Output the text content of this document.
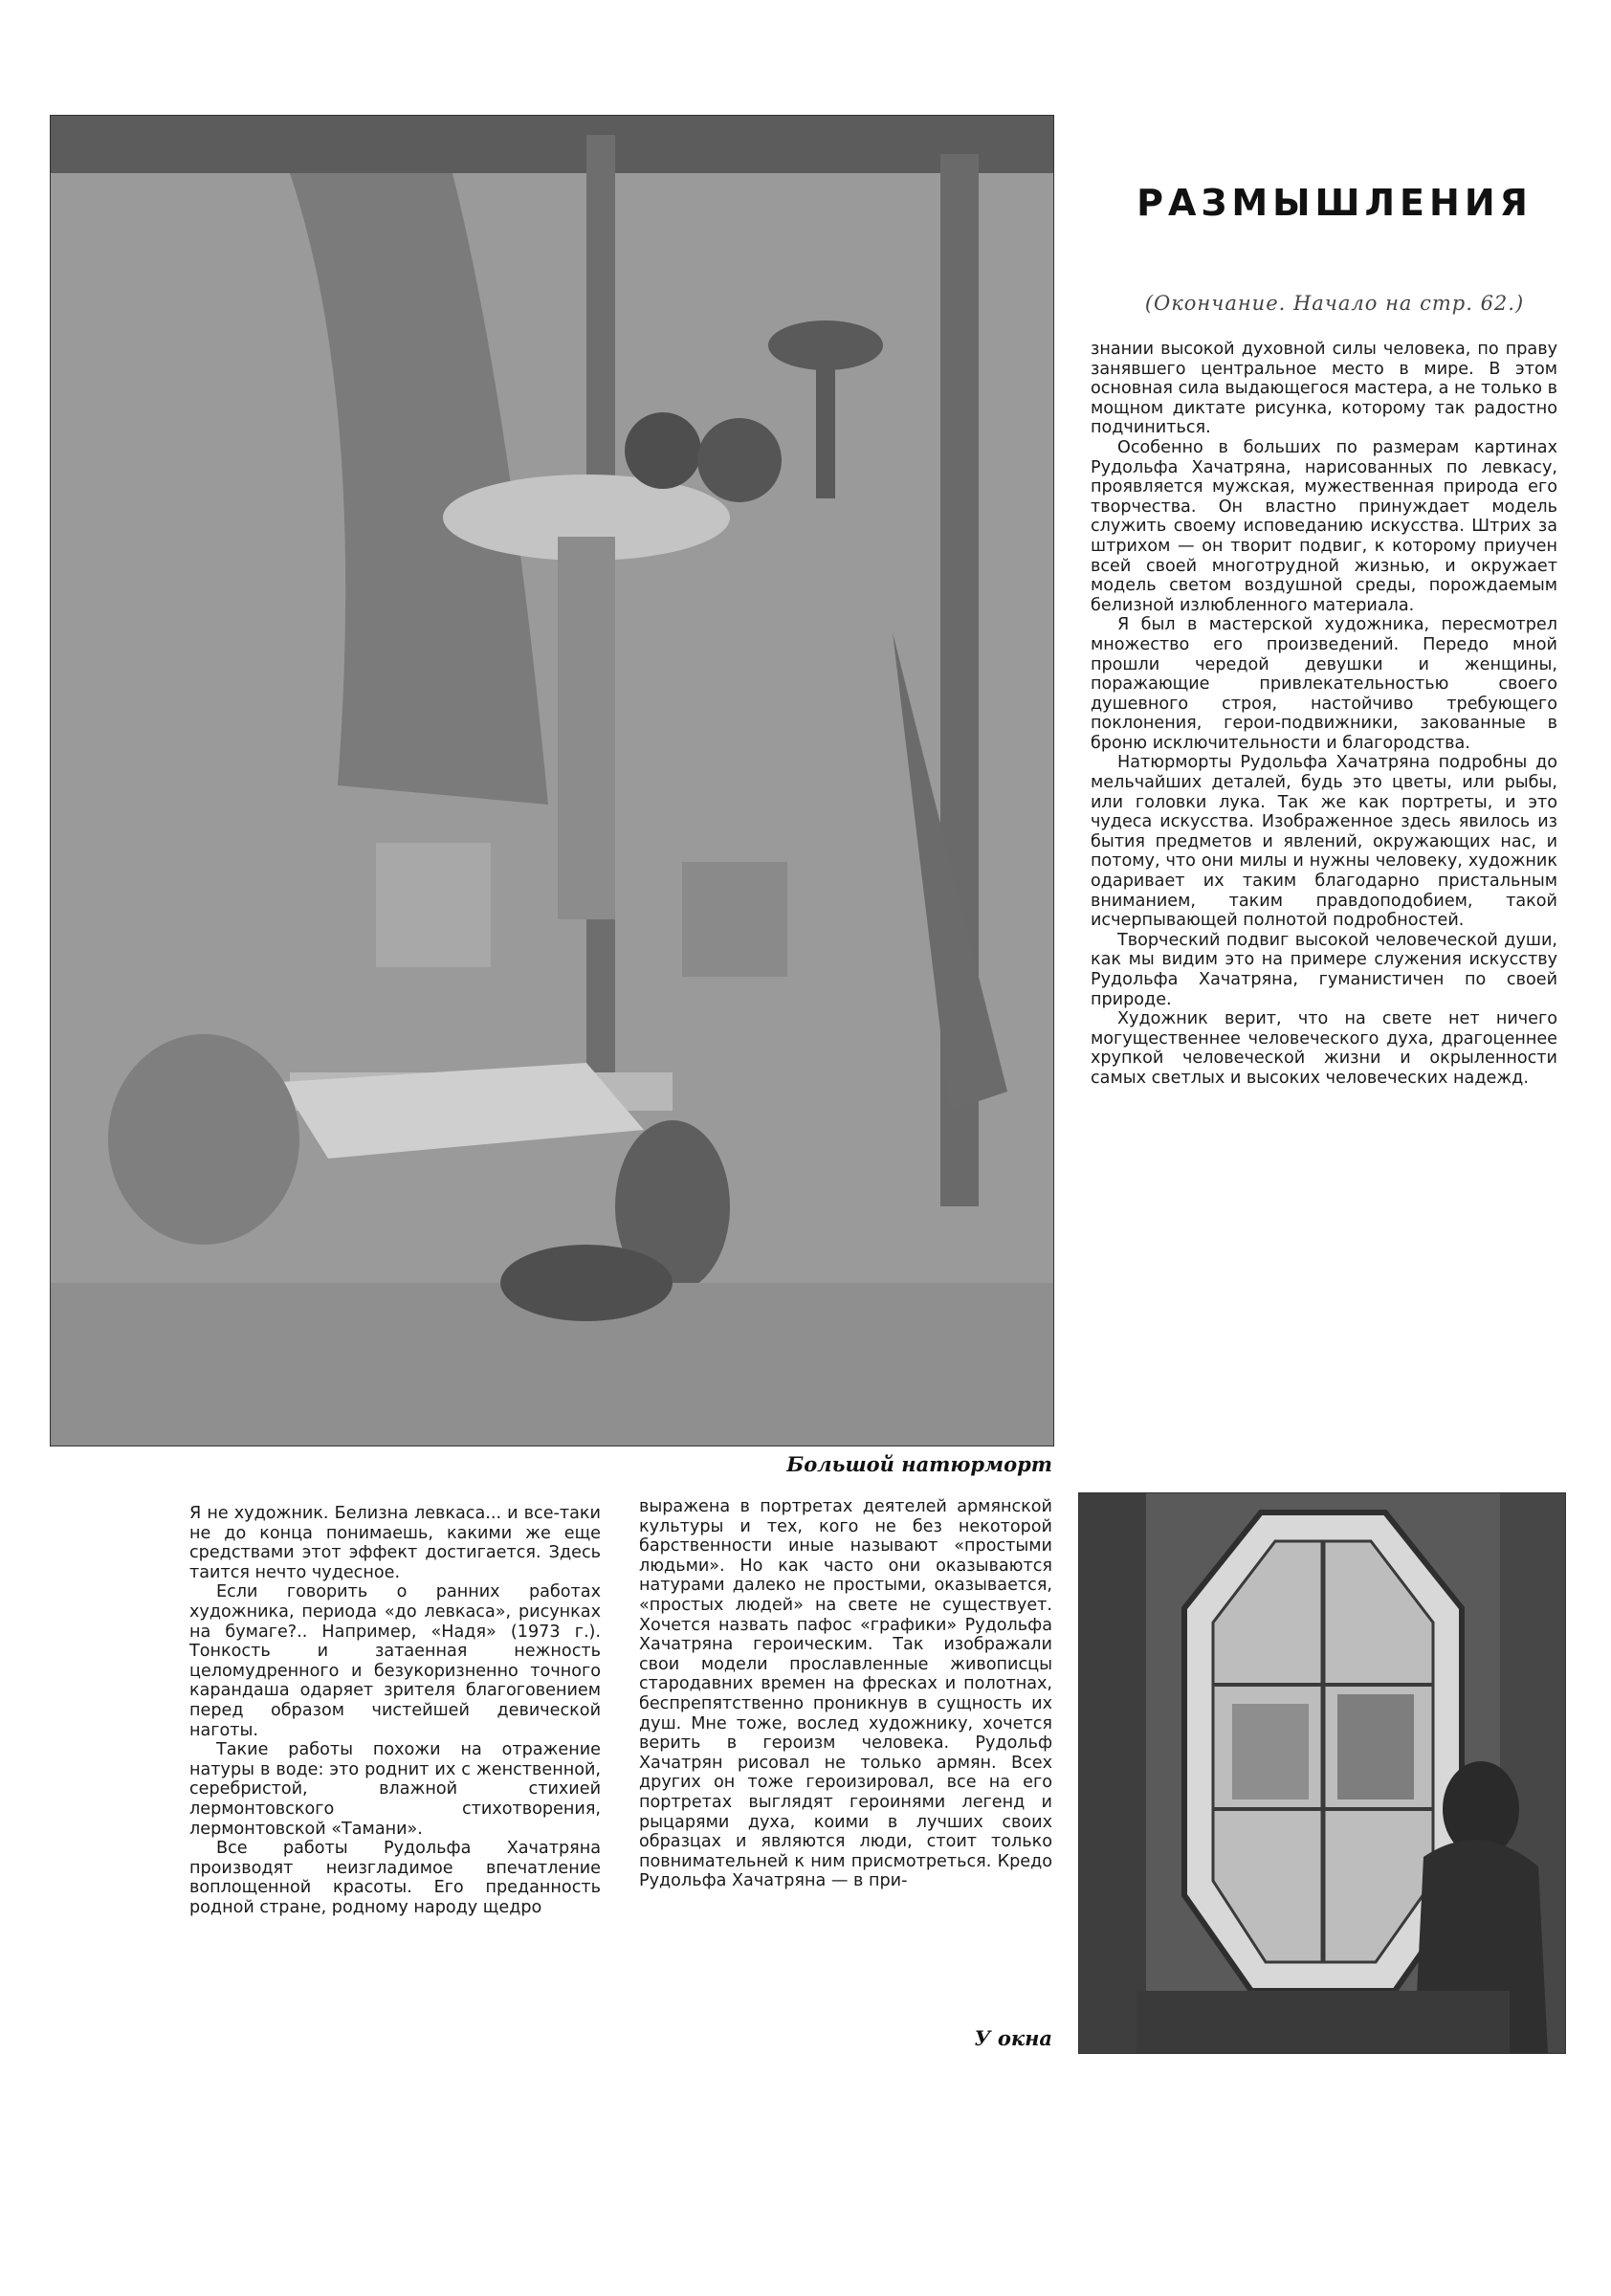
РАЗМЫШЛЕНИЯ
(Окончание. Начало на стр. 62.)

знании высокой духовной силы человека, по праву занявшего центральное место в мире. В этом основная сила выдающегося мастера, а не только в мощном диктате рисунка, которому так радостно подчиниться.

Особенно в больших по размерам картинах Рудольфа Хачатряна, нарисованных по левкасу, проявляется мужская, мужественная природа его творчества. Он властно принуждает модель служить своему исповеданию искусства. Штрих за штрихом — он творит подвиг, к которому приучен всей своей многотрудной жизнью, и окружает модель светом воздушной среды, порождаемым белизной излюбленного материала.

Я был в мастерской художника, пересмотрел множество его произведений. Передо мной прошли чередой девушки и женщины, поражающие привлекательностью своего душевного строя, настойчиво требующего поклонения, герои-подвижники, закованные в броню исключительности и благородства.

Натюрморты Рудольфа Хачатряна подробны до мельчайших деталей, будь это цветы, или рыбы, или головки лука. Так же как портреты, и это чудеса искусства. Изображенное здесь явилось из бытия предметов и явлений, окружающих нас, и потому, что они милы и нужны человеку, художник одаривает их таким благодарно пристальным вниманием, таким правдоподобием, такой исчерпывающей полнотой подробностей.

Творческий подвиг высокой человеческой души, как мы видим это на примере служения искусству Рудольфа Хачатряна, гуманистичен по своей природе.

Художник верит, что на свете нет ничего могущественнее человеческого духа, драгоценнее хрупкой человеческой жизни и окрыленности самых светлых и высоких человеческих надежд.

Большой натюрморт

Я не художник. Белизна левкаса... и все-таки не до конца понимаешь, какими же еще средствами этот эффект достигается. Здесь таится нечто чудесное.

Если говорить о ранних работах художника, периода «до левкаса», рисунках на бумаге?.. Например, «Надя» (1973 г.). Тонкость и затаенная нежность целомудренного и безукоризненно точного карандаша одаряет зрителя благоговением перед образом чистейшей девической наготы.

Такие работы похожи на отражение натуры в воде: это роднит их с женственной, серебристой, влажной стихией лермонтовского стихотворения, лермонтовской «Тамани».

Все работы Рудольфа Хачатряна производят неизгладимое впечатление воплощенной красоты. Его преданность родной стране, родному народу щедро

выражена в портретах деятелей армянской культуры и тех, кого не без некоторой барственности иные называют «простыми людьми». Но как часто они оказываются натурами далеко не простыми, оказывается, «простых людей» на свете не существует. Хочется назвать пафос «графики» Рудольфа Хачатряна героическим. Так изображали свои модели прославленные живописцы стародавних времен на фресках и полотнах, беспрепятственно проникнув в сущность их душ. Мне тоже, вослед художнику, хочется верить в героизм человека. Рудольф Хачатрян рисовал не только армян. Всех других он тоже героизировал, все на его портретах выглядят героинями легенд и рыцарями духа, коими в лучших своих образцах и являются люди, стоит только повнимательней к ним присмотреться. Кредо Рудольфа Хачатряна — в при-

У окна
